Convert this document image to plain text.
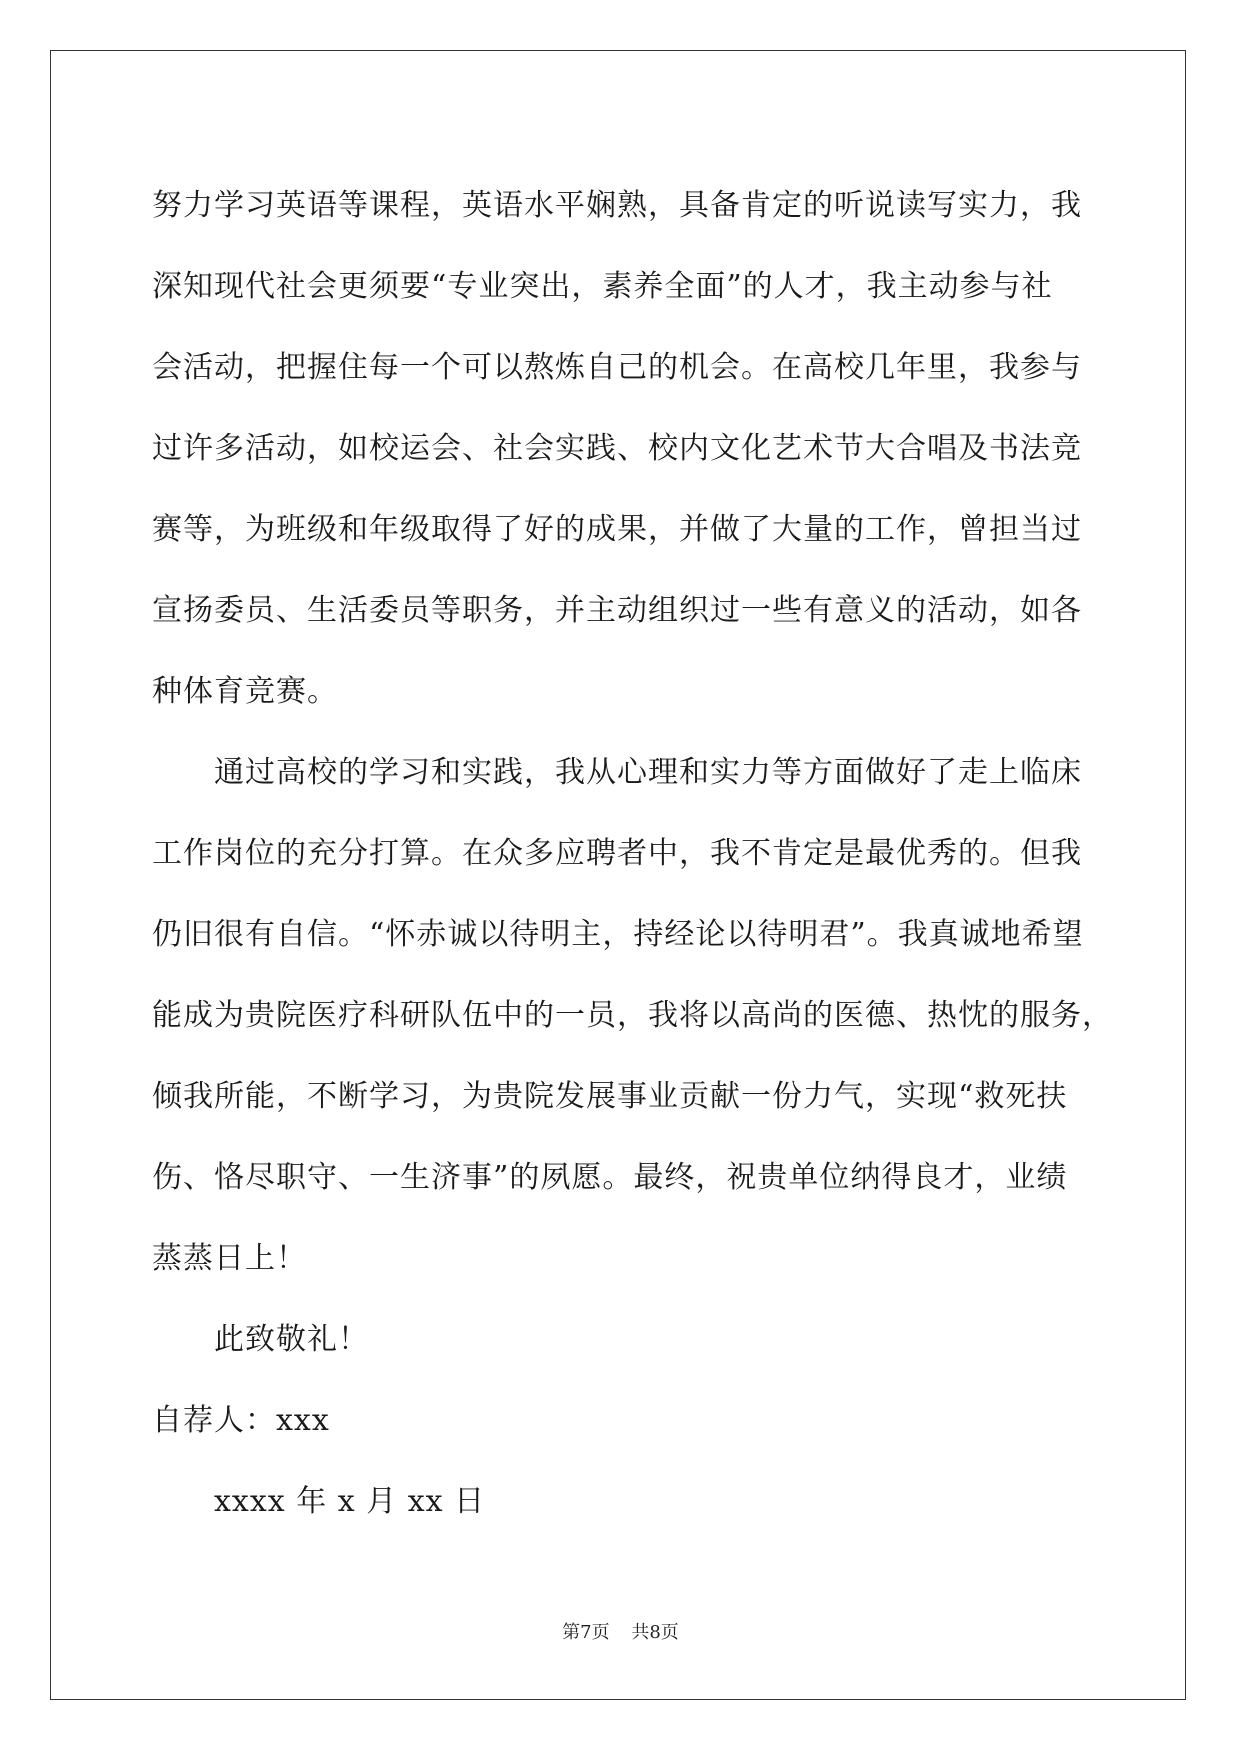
努力学习英语等课程，英语水平娴熟，具备肯定的听说读写实力，我
深知现代社会更须要“专业突出，素养全面”的人才，我主动参与社
会活动，把握住每一个可以熬炼自己的机会。在高校几年里，我参与
过许多活动，如校运会、社会实践、校内文化艺术节大合唱及书法竞
赛等，为班级和年级取得了好的成果，并做了大量的工作，曾担当过
宣扬委员、生活委员等职务，并主动组织过一些有意义的活动，如各
种体育竞赛。
通过高校的学习和实践，我从心理和实力等方面做好了走上临床
工作岗位的充分打算。在众多应聘者中，我不肯定是最优秀的。但我
仍旧很有自信。“怀赤诚以待明主，持经论以待明君”。我真诚地希望
能成为贵院医疗科研队伍中的一员，我将以高尚的医德、热忱的服务，
倾我所能，不断学习，为贵院发展事业贡献一份力气，实现“救死扶
伤、恪尽职守、一生济事”的夙愿。最终，祝贵单位纳得良才，业绩
蒸蒸日上！
此致敬礼！
自荐人：xxx
xxxx 年 x 月 xx 日
第7页 共8页
